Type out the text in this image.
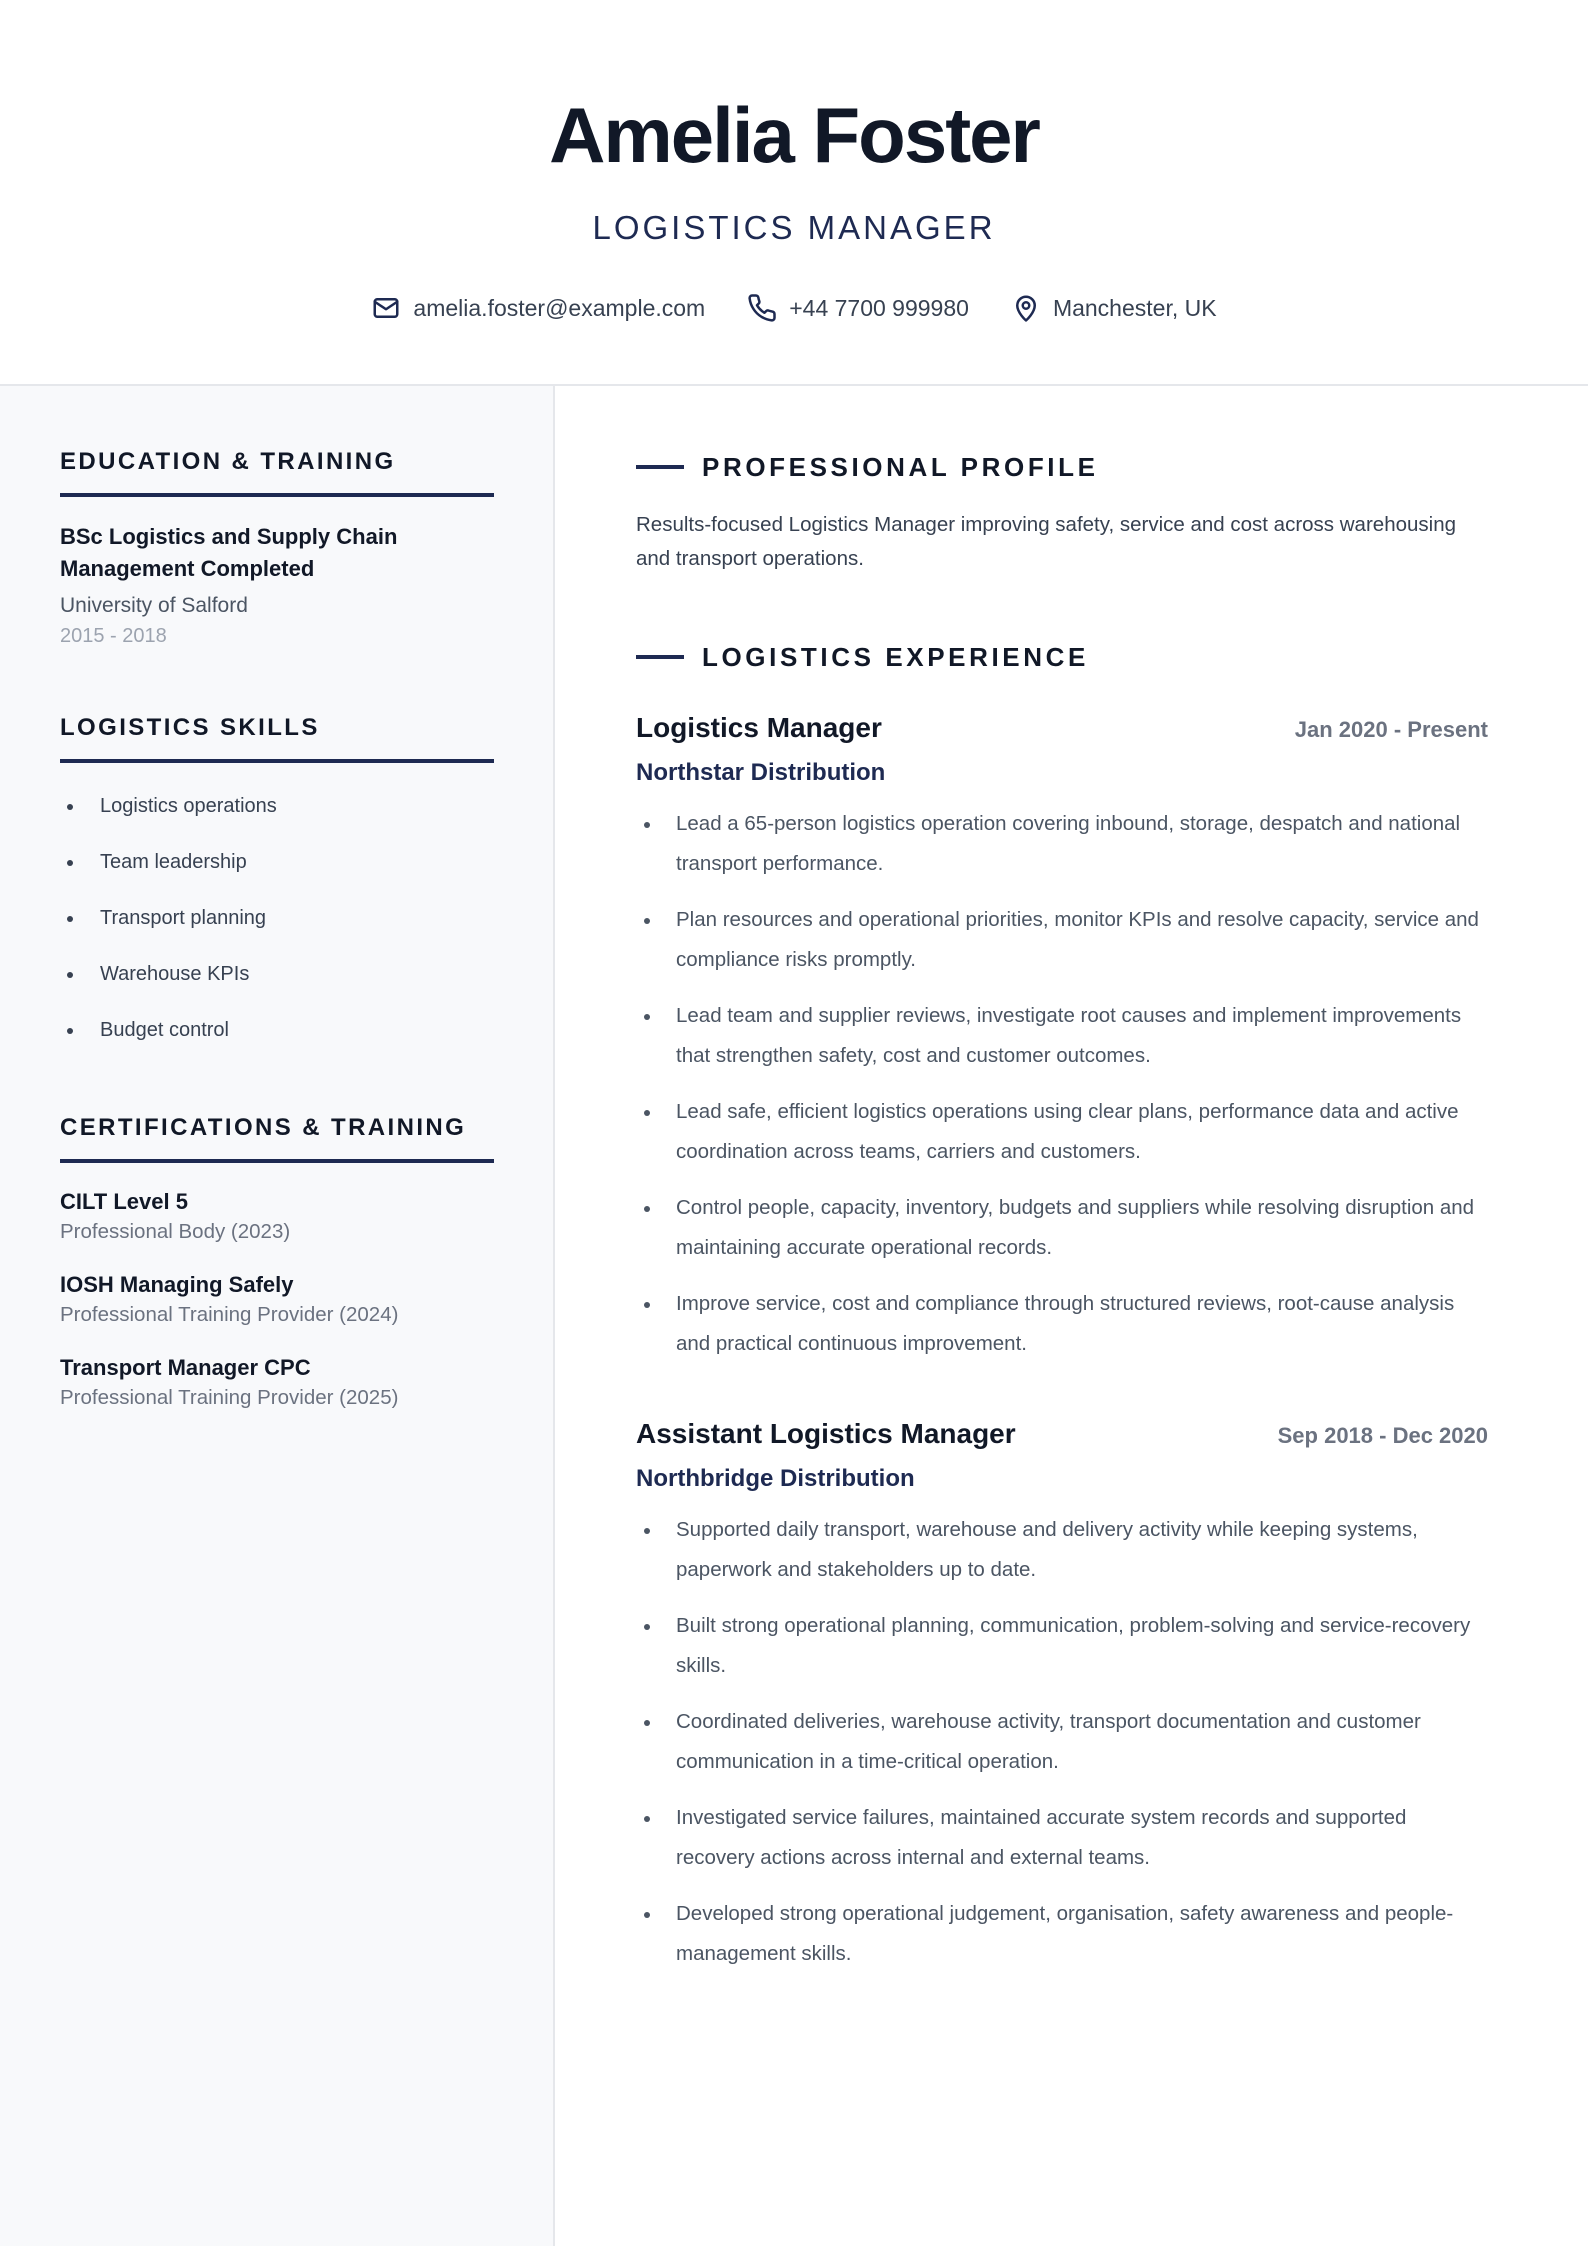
Amelia Foster
LOGISTICS MANAGER
amelia.foster@example.com	+44 7700 999980	Manchester, UK
EDUCATION & TRAINING
BSc Logistics and Supply Chain Management Completed
University of Salford
2015 - 2018
LOGISTICS SKILLS
Logistics operations
Team leadership
Transport planning
Warehouse KPIs
Budget control
CERTIFICATIONS & TRAINING
CILT Level 5
Professional Body (2023)
IOSH Managing Safely
Professional Training Provider (2024)
Transport Manager CPC
Professional Training Provider (2025)
PROFESSIONAL PROFILE
Results-focused Logistics Manager improving safety, service and cost across warehousing and transport operations.
LOGISTICS EXPERIENCE
Logistics Manager	Jan 2020 - Present
Northstar Distribution
Lead a 65-person logistics operation covering inbound, storage, despatch and national transport performance.
Plan resources and operational priorities, monitor KPIs and resolve capacity, service and compliance risks promptly.
Lead team and supplier reviews, investigate root causes and implement improvements that strengthen safety, cost and customer outcomes.
Lead safe, efficient logistics operations using clear plans, performance data and active coordination across teams, carriers and customers.
Control people, capacity, inventory, budgets and suppliers while resolving disruption and maintaining accurate operational records.
Improve service, cost and compliance through structured reviews, root-cause analysis and practical continuous improvement.
Assistant Logistics Manager	Sep 2018 - Dec 2020
Northbridge Distribution
Supported daily transport, warehouse and delivery activity while keeping systems, paperwork and stakeholders up to date.
Built strong operational planning, communication, problem-solving and service-recovery skills.
Coordinated deliveries, warehouse activity, transport documentation and customer communication in a time-critical operation.
Investigated service failures, maintained accurate system records and supported recovery actions across internal and external teams.
Developed strong operational judgement, organisation, safety awareness and people-management skills.
